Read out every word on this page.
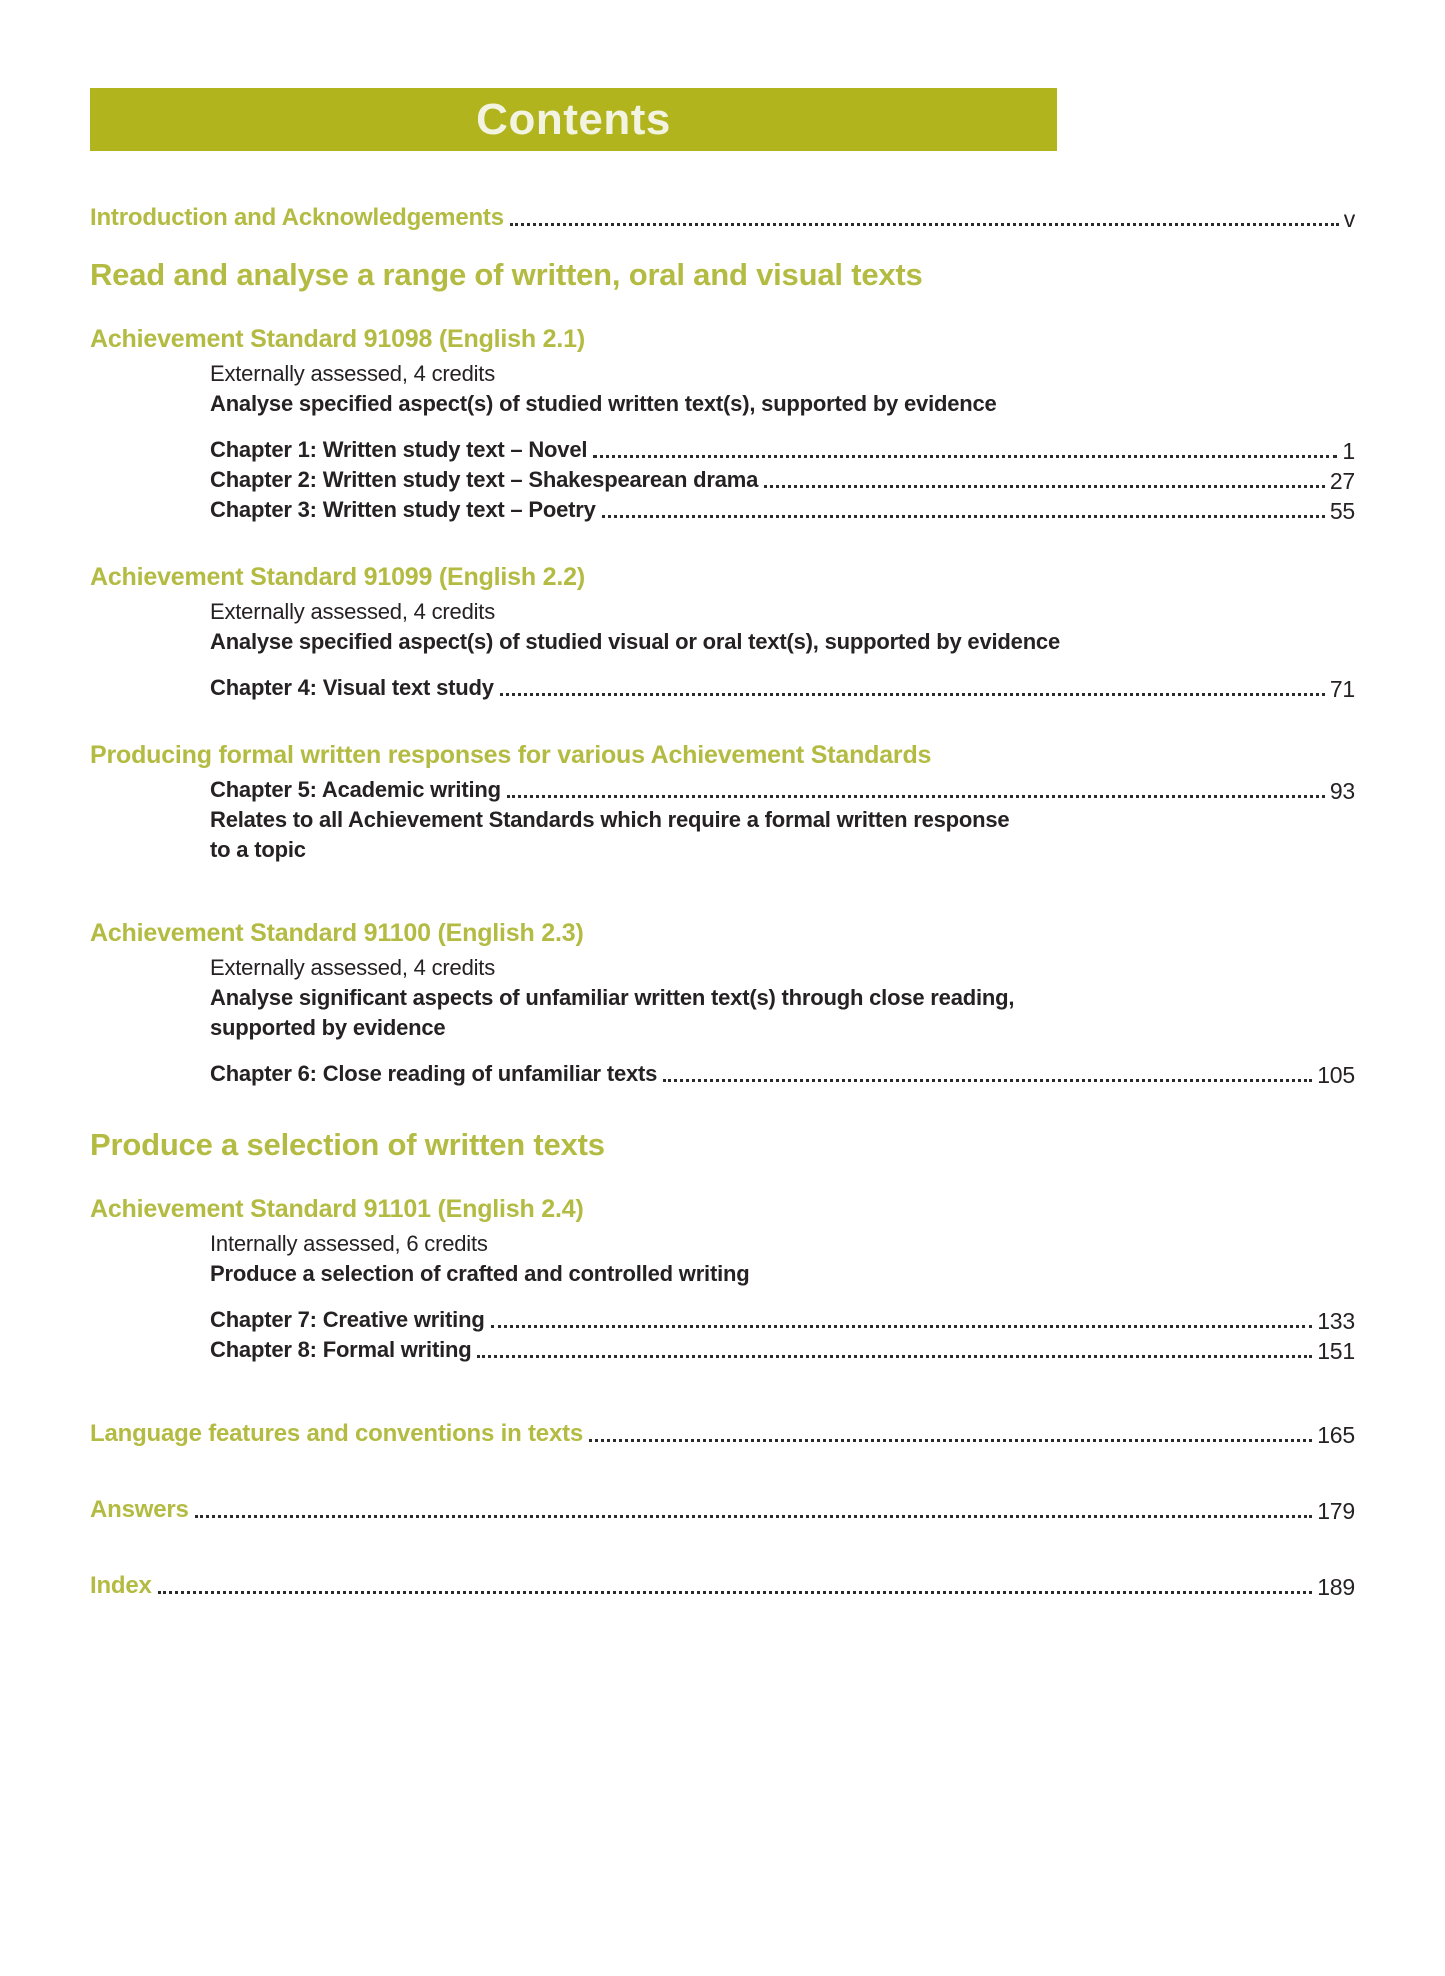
Contents
Introduction and Acknowledgements	v
Read and analyse a range of written, oral and visual texts
Achievement Standard 91098 (English 2.1)

Externally assessed, 4 credits

Analyse specified aspect(s) of studied written text(s), supported by evidence

Chapter 1: Written study text – Novel	1
Chapter 2: Written study text – Shakespearean drama	27
Chapter 3: Written study text – Poetry	55
Achievement Standard 91099 (English 2.2)

Externally assessed, 4 credits

Analyse specified aspect(s) of studied visual or oral text(s), supported by evidence

Chapter 4: Visual text study	71
Producing formal written responses for various Achievement Standards
Chapter 5: Academic writing	93

Relates to all Achievement Standards which require a formal written response

to a topic

Achievement Standard 91100 (English 2.3)

Externally assessed, 4 credits

Analyse significant aspects of unfamiliar written text(s) through close reading,

supported by evidence

Chapter 6: Close reading of unfamiliar texts	105
Produce a selection of written texts
Achievement Standard 91101 (English 2.4)

Internally assessed, 6 credits

Produce a selection of crafted and controlled writing

Chapter 7: Creative writing	133
Chapter 8: Formal writing	151
Language features and conventions in texts	165
Answers	179
Index	189
